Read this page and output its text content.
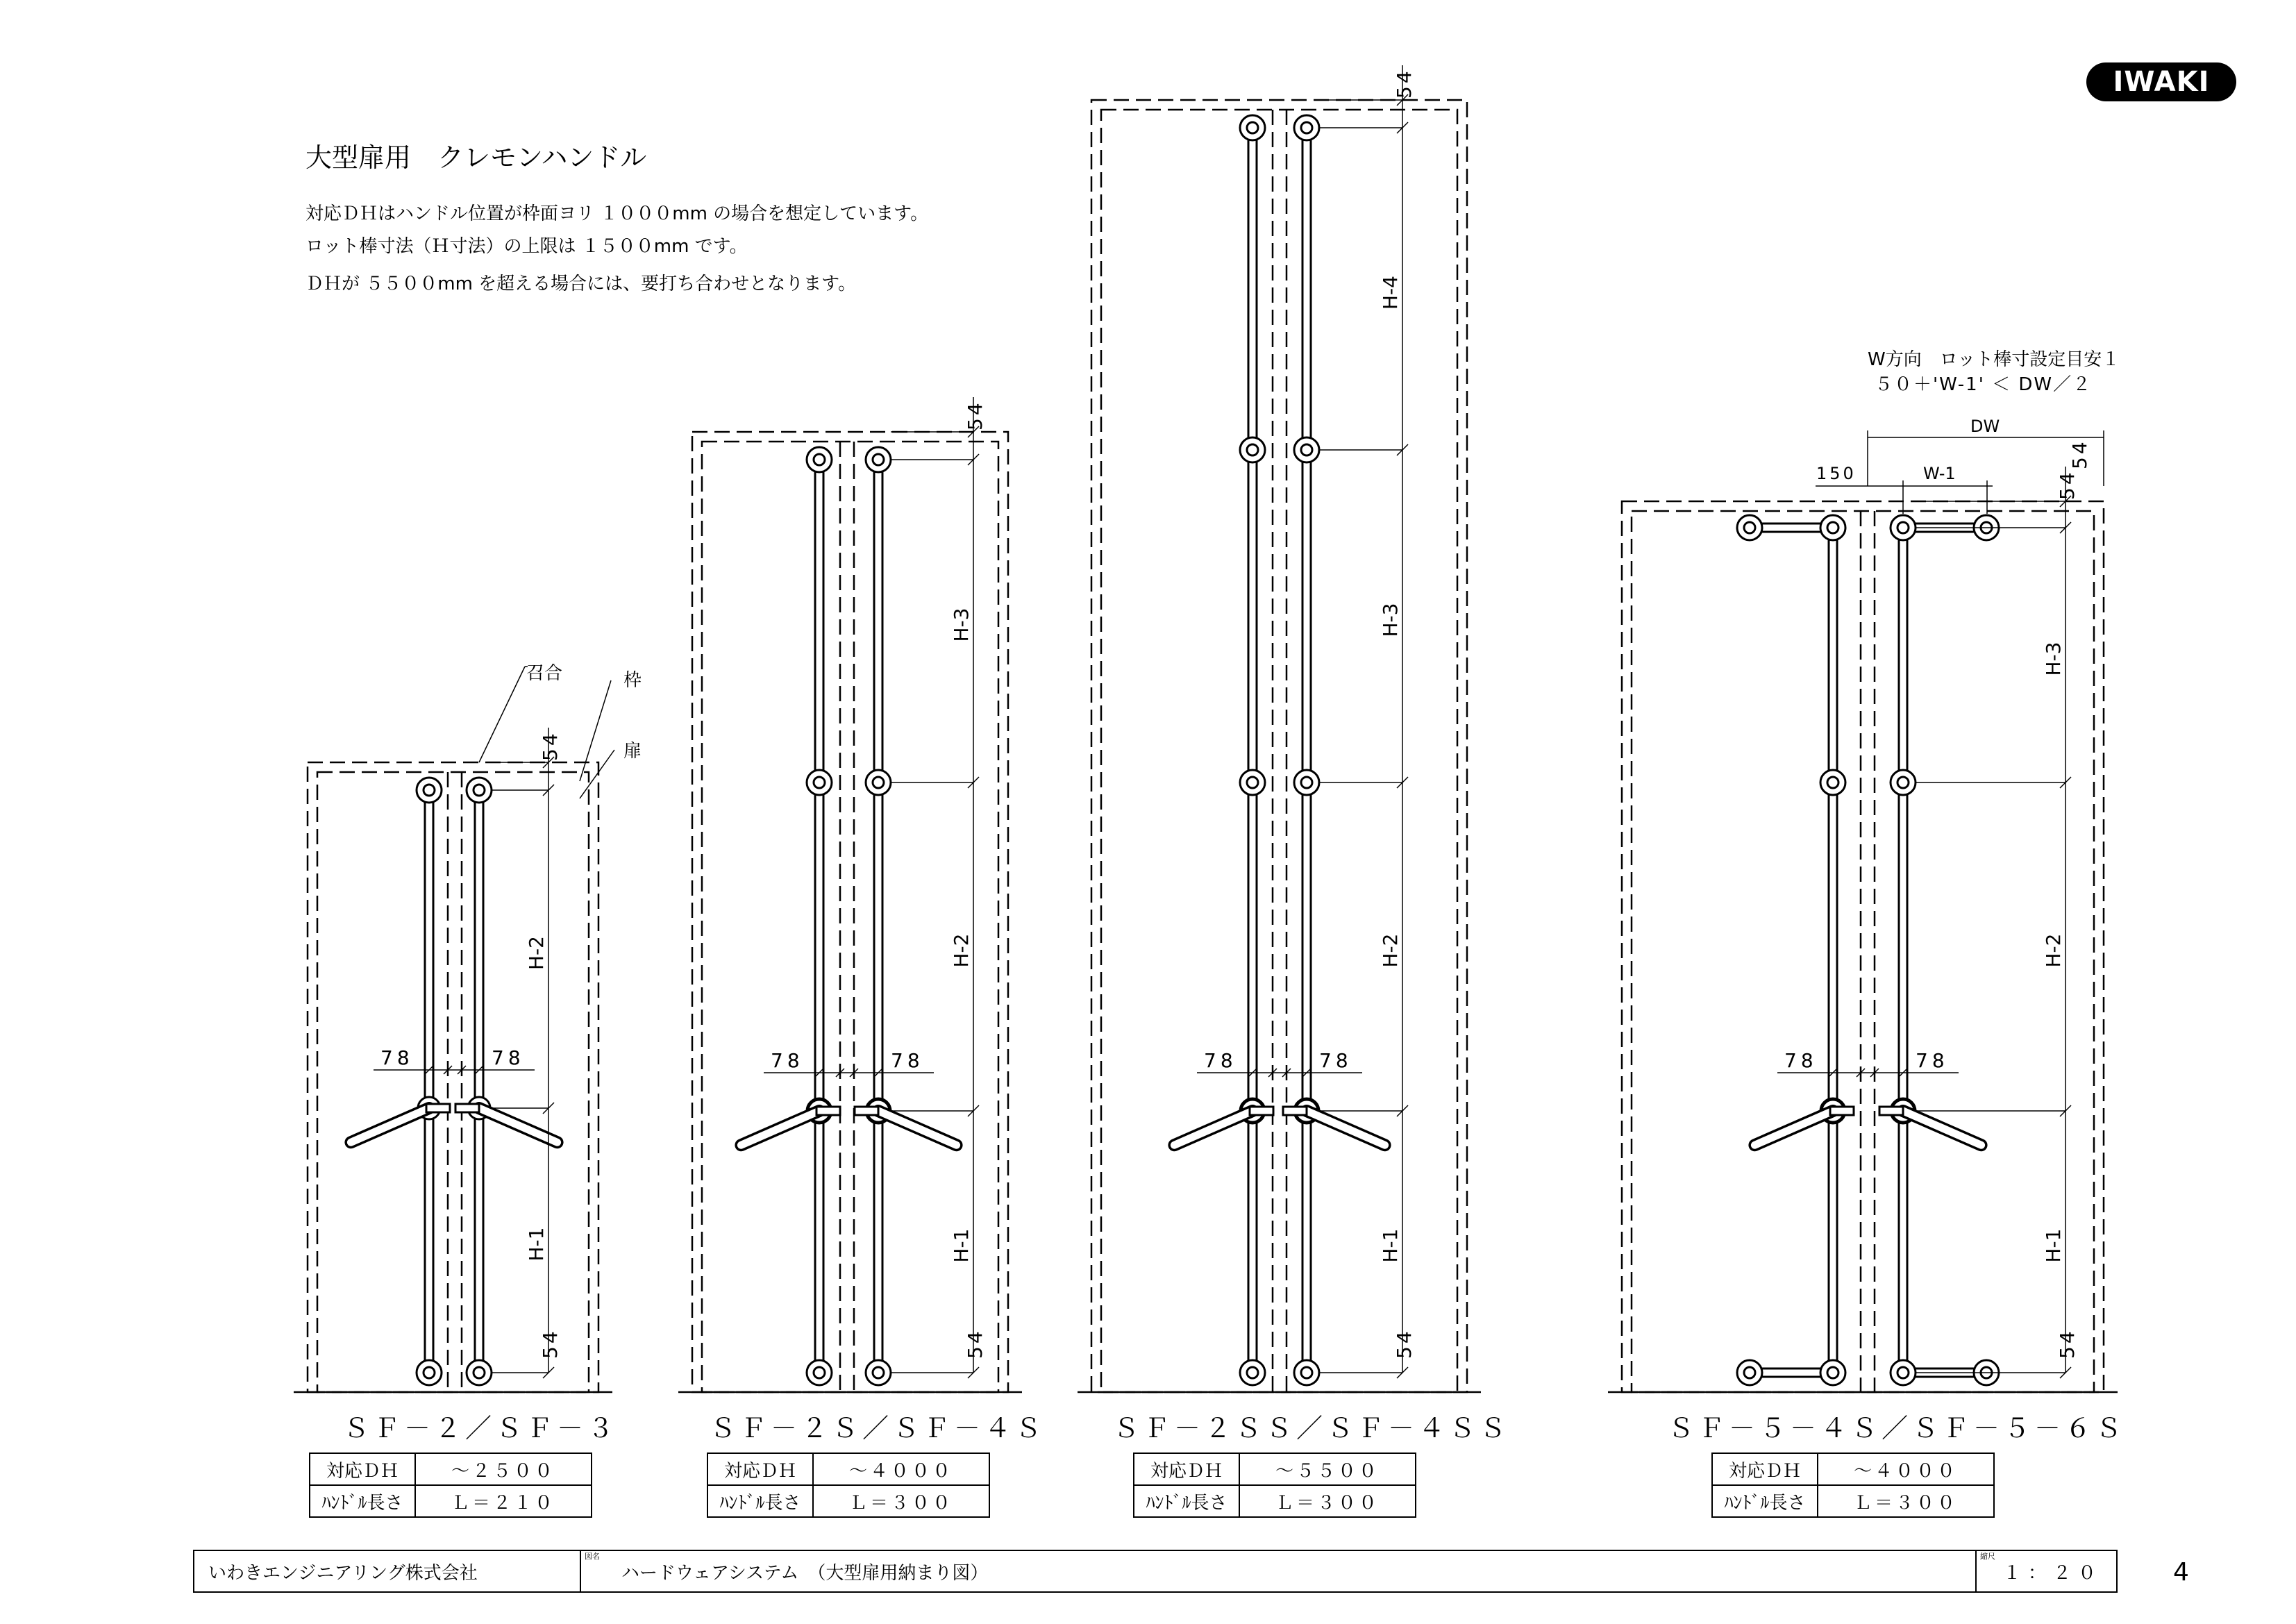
IWAKI
大型扉用　クレモンハンドル
対応ＤＨはハンドル位置が枠面ヨリ １０００mm の場合を想定しています。
ロット棒寸法（Ｈ寸法）の上限は １５００mm です。
ＤＨが ５５００mm を超える場合には、要打ち合わせとなります。
W方向　ロット棒寸設定目安１
５０＋'W-1' ＜ DW／２
54
54
H-1
H-2
78	78
54
54
H-1
H-2
H-3
78	78
54
54
H-1
H-2
H-3
H-4
78	78
54
54
H-1
H-2
H-3
78	78
召合	枠
扉
DW
150	W-1
54
ＳＦ－２／ＳＦ－３	ＳＦ－２Ｓ／ＳＦ－４Ｓ	ＳＦ－２ＳＳ／ＳＦ－４ＳＳ	ＳＦ－５－４Ｓ／ＳＦ－５－６Ｓ
対応ＤＨ	～２５００
ﾊﾝﾄﾞﾙ長さ	Ｌ＝２１０
対応ＤＨ	～４０００
ﾊﾝﾄﾞﾙ長さ	Ｌ＝３００
対応ＤＨ	～５５００
ﾊﾝﾄﾞﾙ長さ	Ｌ＝３００
対応ＤＨ	～４０００
ﾊﾝﾄﾞﾙ長さ	Ｌ＝３００
いわきエンジニアリング株式会社
図名
ハードウェアシステム　（大型扉用納まり図）
縮尺
１：２０	4
